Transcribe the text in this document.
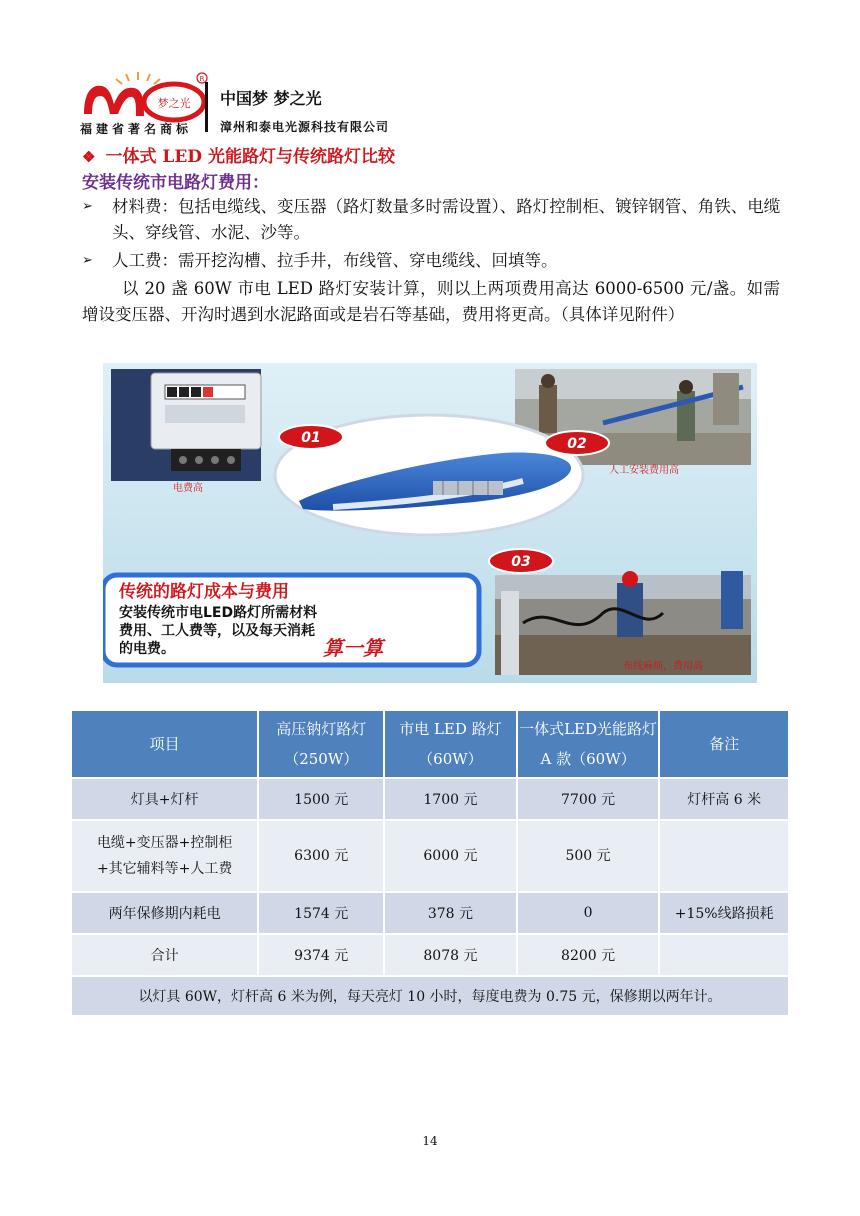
梦之光
R
福建省著名商标
中国梦 梦之光
漳州和泰电光源科技有限公司
❖ 一体式 LED 光能路灯与传统路灯比较
安装传统市电路灯费用：
➢ 材料费：包括电缆线、变压器（路灯数量多时需设置）、路灯控制柜、镀锌钢管、角铁、电缆头、穿线管、水泥、沙等。
➢ 人工费：需开挖沟槽、拉手井，布线管、穿电缆线、回填等。
以 20 盏 60W 市电 LED 路灯安装计算，则以上两项费用高达 6000-6500 元/盏。如需增设变压器、开沟时遇到水泥路面或是岩石等基础，费用将更高。（具体详见附件）
电费高
人工安装费用高
01	02
03
布线麻烦，费用高
传统的路灯成本与费用
安装传统市电LED路灯所需材料
费用、工人费等，以及每天消耗
的电费。	算一算
项目	高压钠灯路灯（250W）	市电 LED 路灯（60W）	一体式LED光能路灯 A 款（60W）	备注
灯具+灯杆	1500 元	1700 元	7700 元	灯杆高 6 米
电缆+变压器+控制柜+其它辅料等+人工费	6300 元	6000 元	500 元	
两年保修期内耗电	1574 元	378 元	0	+15%线路损耗
合计	9374 元	8078 元	8200 元	
以灯具 60W，灯杆高 6 米为例，每天亮灯 10 小时，每度电费为 0.75 元，保修期以两年计。				
14
